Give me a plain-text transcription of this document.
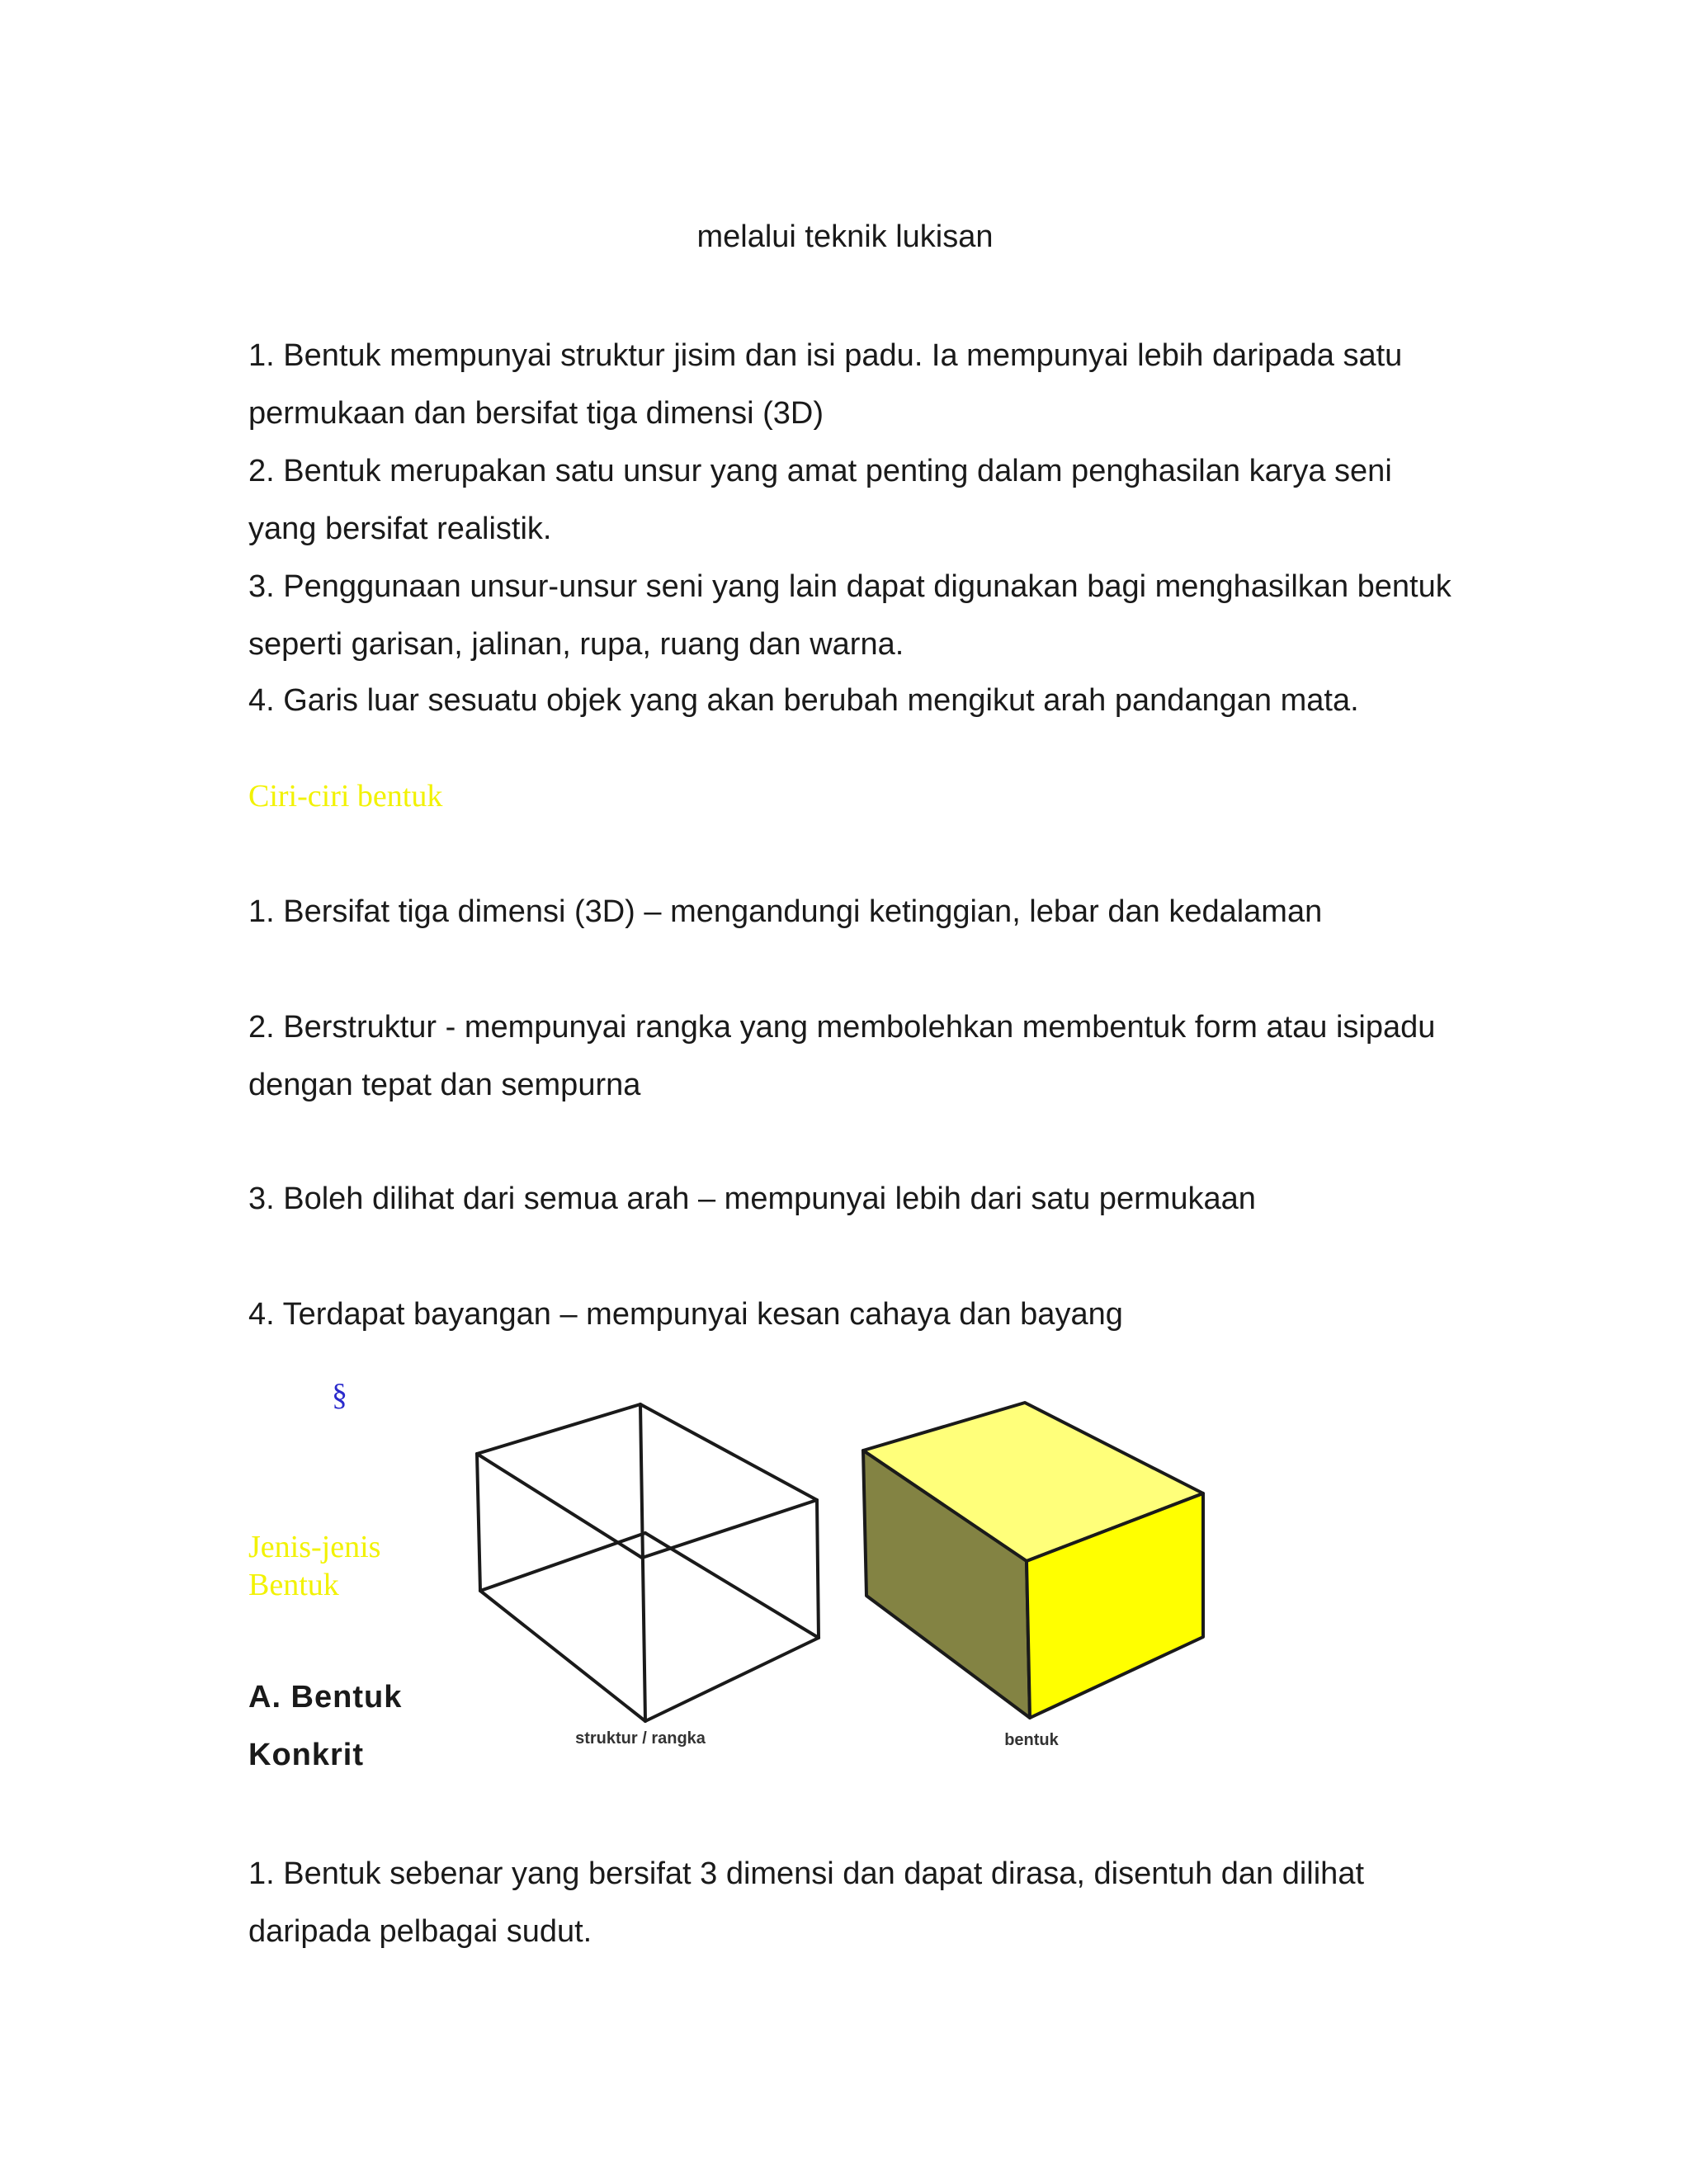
melalui teknik lukisan

1. Bentuk mempunyai struktur jisim dan isi padu. Ia mempunyai lebih daripada satu permukaan dan bersifat tiga dimensi (3D)

2. Bentuk merupakan satu unsur yang amat penting dalam penghasilan karya seni yang bersifat realistik.

3. Penggunaan unsur-unsur seni yang lain dapat digunakan bagi menghasilkan bentuk seperti garisan, jalinan, rupa, ruang dan warna.

4. Garis luar sesuatu objek yang akan berubah mengikut arah pandangan mata.

Ciri-ciri bentuk

1. Bersifat tiga dimensi (3D) – mengandungi ketinggian, lebar dan kedalaman

2. Berstruktur - mempunyai rangka yang membolehkan membentuk form atau isipadu dengan tepat dan sempurna

3. Boleh dilihat dari semua arah – mempunyai lebih dari satu permukaan

4. Terdapat bayangan – mempunyai kesan cahaya dan bayang

§

Jenis-jenis Bentuk

A. Bentuk Konkrit	struktur / rangka	bentuk

1. Bentuk sebenar yang bersifat 3 dimensi dan dapat dirasa, disentuh dan dilihat daripada pelbagai sudut.
